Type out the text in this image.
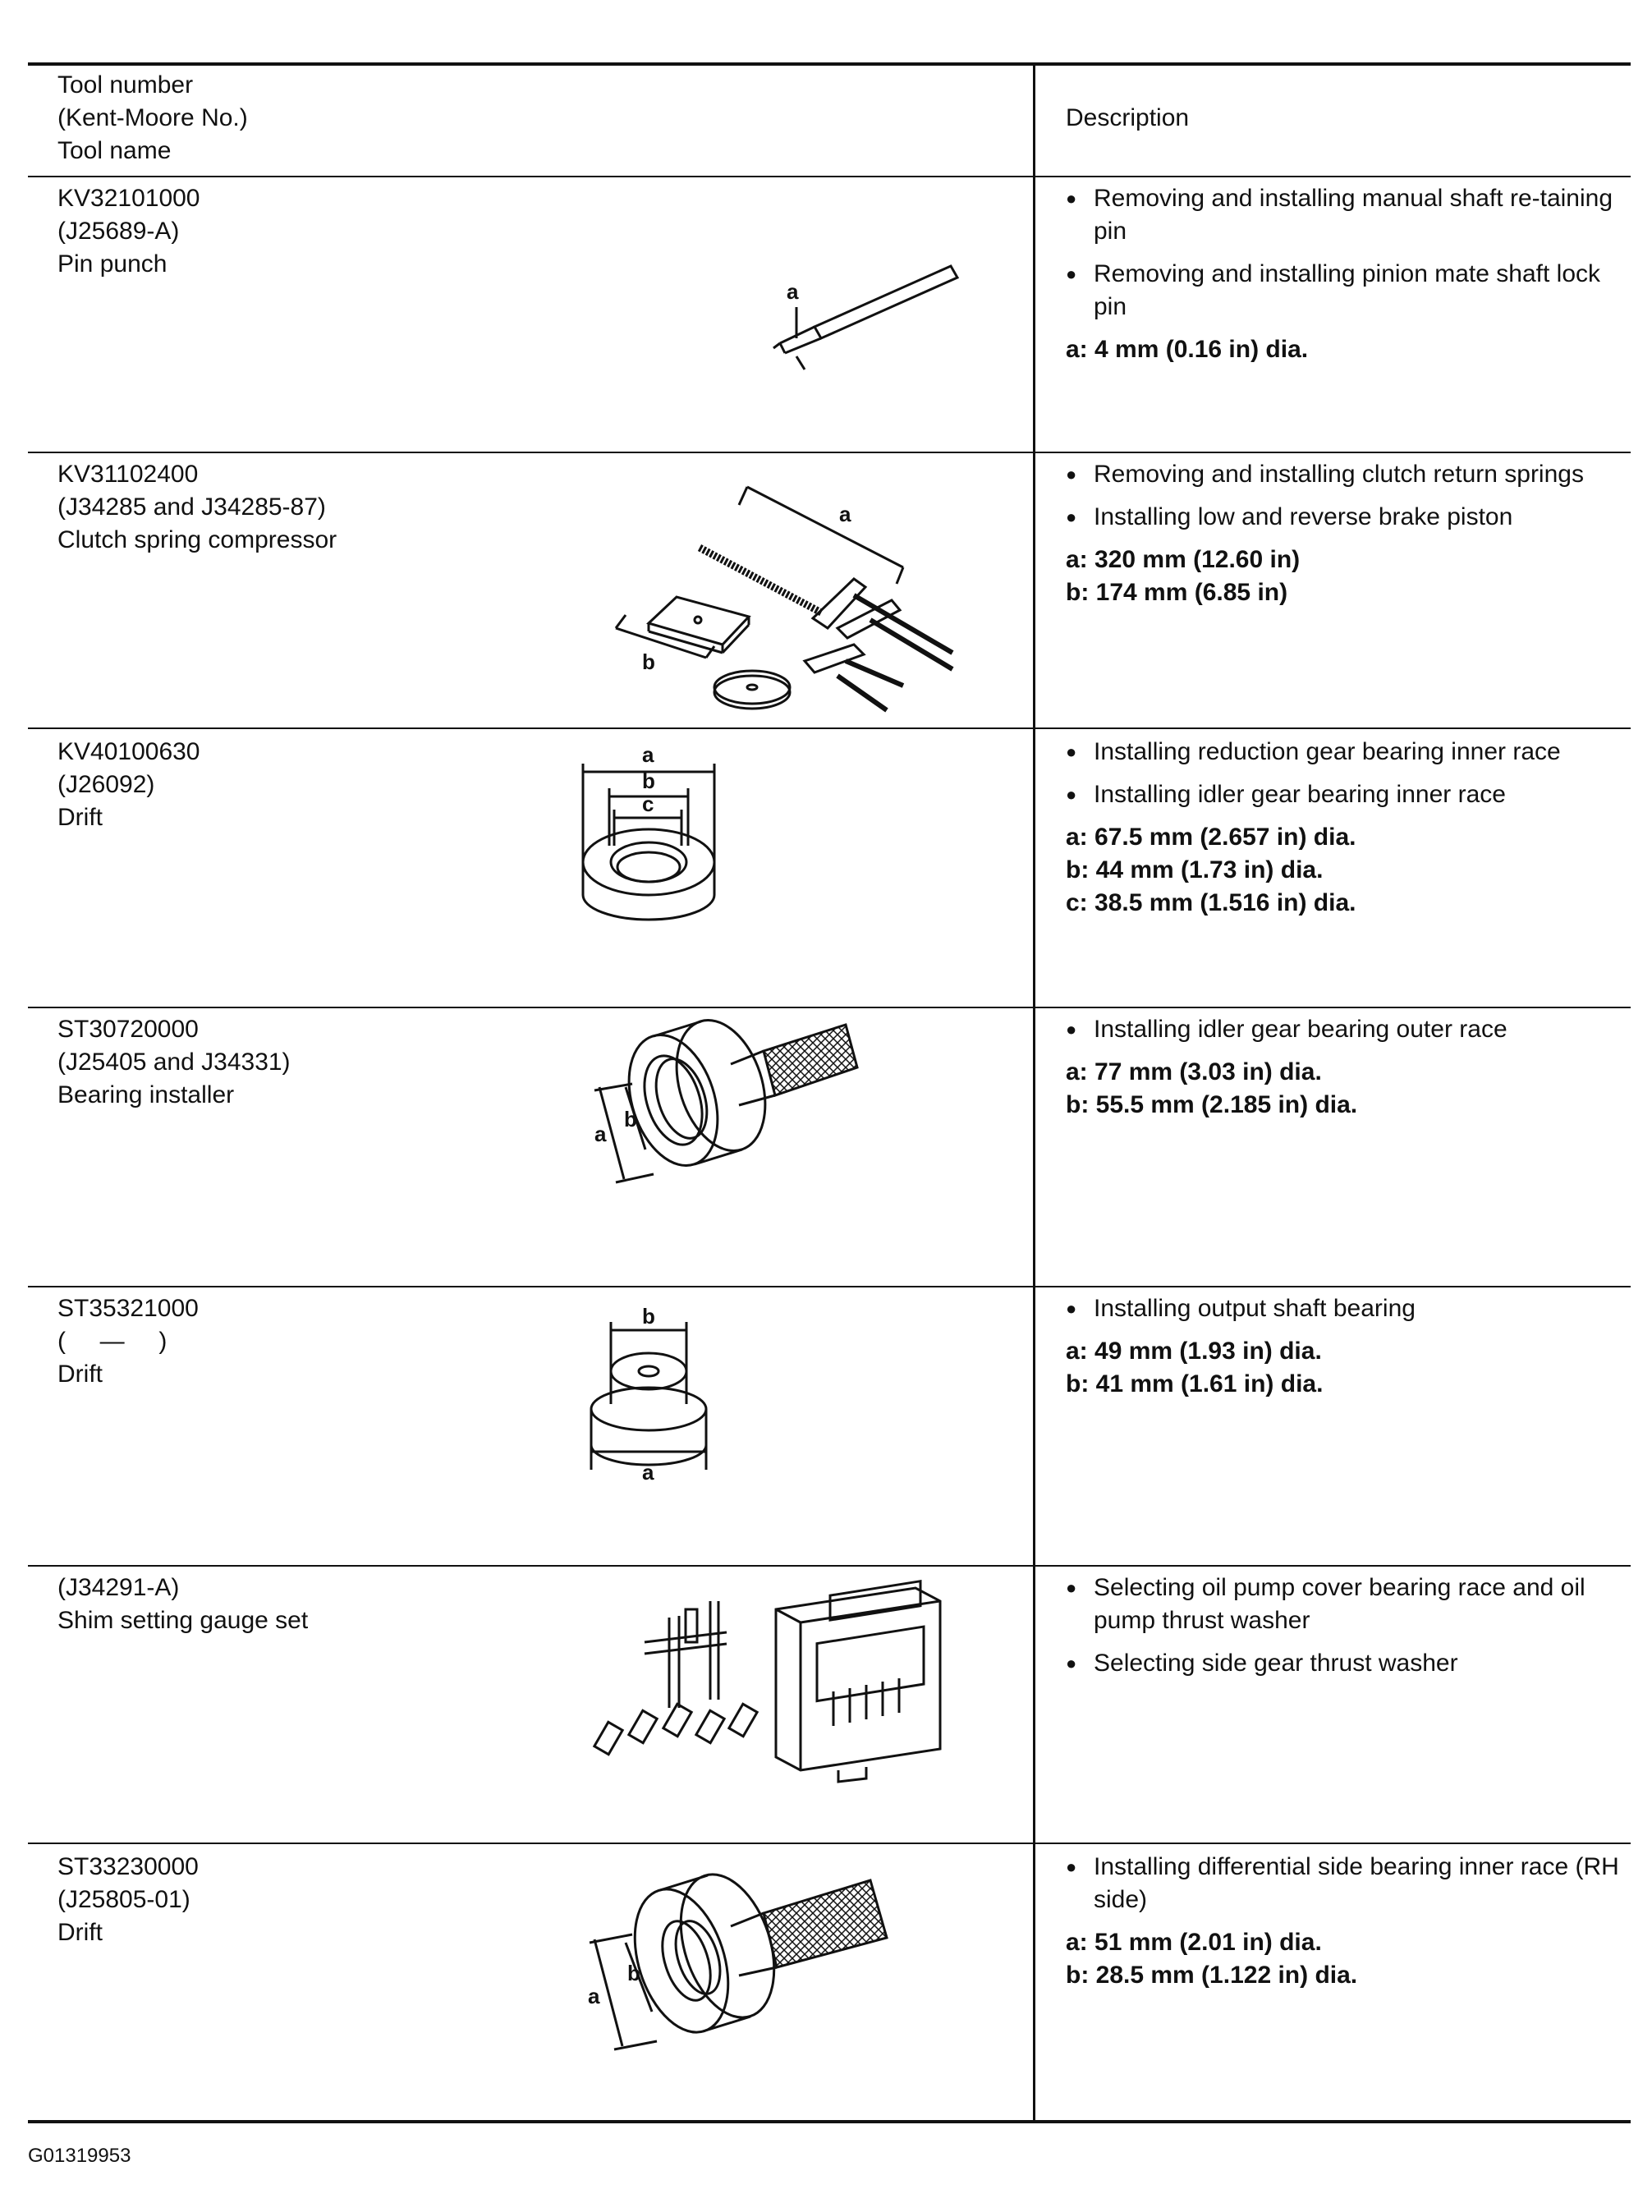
Tool number
(Kent-Moore No.)
Tool name
Description
KV32101000
(J25689-A)
Pin punch
a
● Removing and installing manual shaft re-taining pin
● Removing and installing pinion mate shaft lock pin
a: 4 mm (0.16 in) dia.
KV31102400
(J34285 and J34285-87)
Clutch spring compressor
a
b
● Removing and installing clutch return springs
● Installing low and reverse brake piston
a: 320 mm (12.60 in)
b: 174 mm (6.85 in)
KV40100630
(J26092)
Drift
a
b
c
● Installing reduction gear bearing inner race
● Installing idler gear bearing inner race
a: 67.5 mm (2.657 in) dia.
b: 44 mm (1.73 in) dia.
c: 38.5 mm (1.516 in) dia.
ST30720000
(J25405 and J34331)
Bearing installer
a
b
● Installing idler gear bearing outer race
a: 77 mm (3.03 in) dia.
b: 55.5 mm (2.185 in) dia.
ST35321000
(     —     )
Drift
b
a
● Installing output shaft bearing
a: 49 mm (1.93 in) dia.
b: 41 mm (1.61 in) dia.
(J34291-A)
Shim setting gauge set
● Selecting oil pump cover bearing race and oil pump thrust washer
● Selecting side gear thrust washer
ST33230000
(J25805-01)
Drift
a
b
● Installing differential side bearing inner race (RH side)
a: 51 mm (2.01 in) dia.
b: 28.5 mm (1.122 in) dia.
G01319953
